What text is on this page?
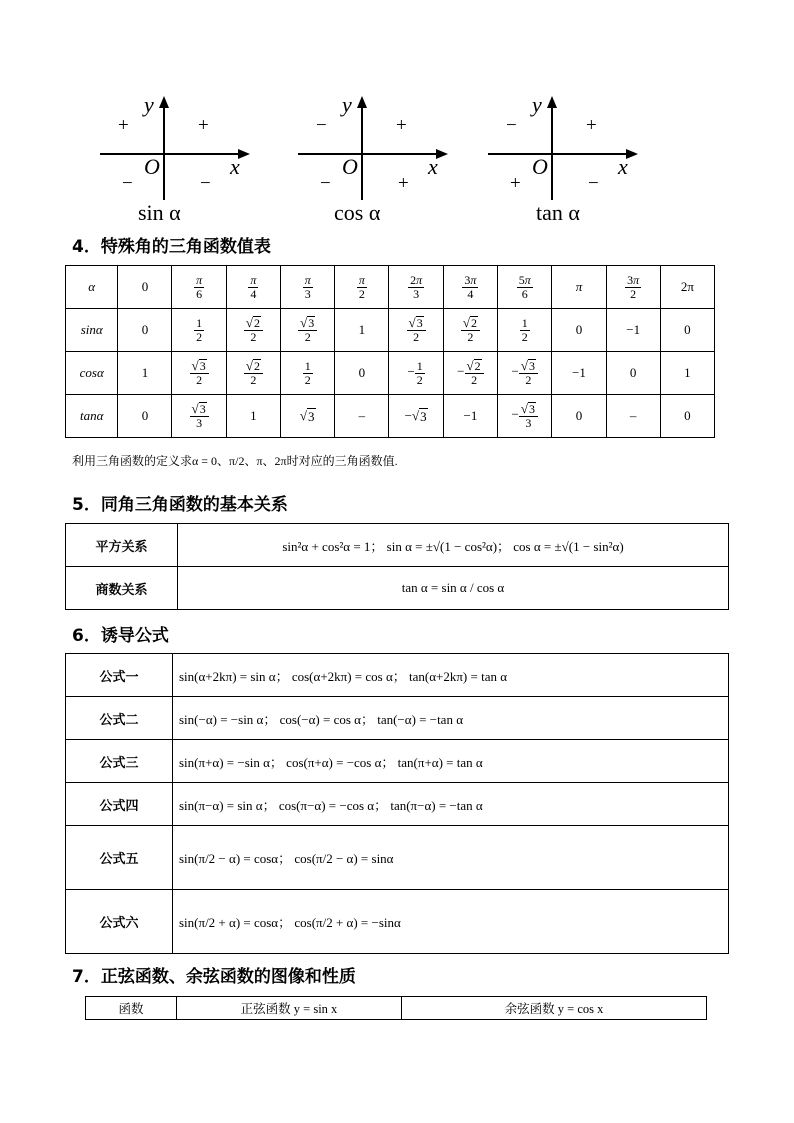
y
x
O
+	+
−	−
sin α
y
x
O
−	+
−	+
cos α
y
x
O
−	+
+	−
tan α
4．特殊角的三角函数值表
α	0	$\frac{\pi}{6}$	$\frac{\pi}{4}$	$\frac{\pi}{3}$	$\frac{\pi}{2}$	$\frac{2\pi}{3}$	$\frac{3\pi}{4}$	$\frac{5\pi}{6}$	π	$\frac{3\pi}{2}$	2π
sinα	0	$\frac{1}{2}$	$\frac{√ 2}{2}$	$\frac{√ 3}{2}$	1	$\frac{√ 3}{2}$	$\frac{√ 2}{2}$	$\frac{1}{2}$	0	−1	0
cosα	1	$\frac{√ 3}{2}$	$\frac{√ 2}{2}$	$\frac{1}{2}$	0	− $\frac{1}{2}$	− $\frac{√ 2}{2}$	− $\frac{√ 3}{2}$	−1	0	1
tanα	0	$\frac{√ 3}{3}$	1	√ 3	–	− √ 3	−1	− $\frac{√ 3}{3}$	0	–	0
利用三角函数的定义求α = 0、π/2、π、2π时对应的三角函数值.
5．同角三角函数的基本关系
平方关系	sin²α + cos²α = 1； sin α = ±√(1 − cos²α)； cos α = ±√(1 − sin²α)
商数关系	tan α = sin α / cos α
6．诱导公式
公式一	sin(α+2kπ) = sin α； cos(α+2kπ) = cos α； tan(α+2kπ) = tan α
公式二	sin(−α) = −sin α； cos(−α) = cos α； tan(−α) = −tan α
公式三	sin(π+α) = −sin α； cos(π+α) = −cos α； tan(π+α) = tan α
公式四	sin(π−α) = sin α； cos(π−α) = −cos α； tan(π−α) = −tan α
公式五	sin(π/2 − α) = cosα； cos(π/2 − α) = sinα
公式六	sin(π/2 + α) = cosα； cos(π/2 + α) = −sinα
7．正弦函数、余弦函数的图像和性质
函数	正弦函数 y = sin x	余弦函数 y = cos x
